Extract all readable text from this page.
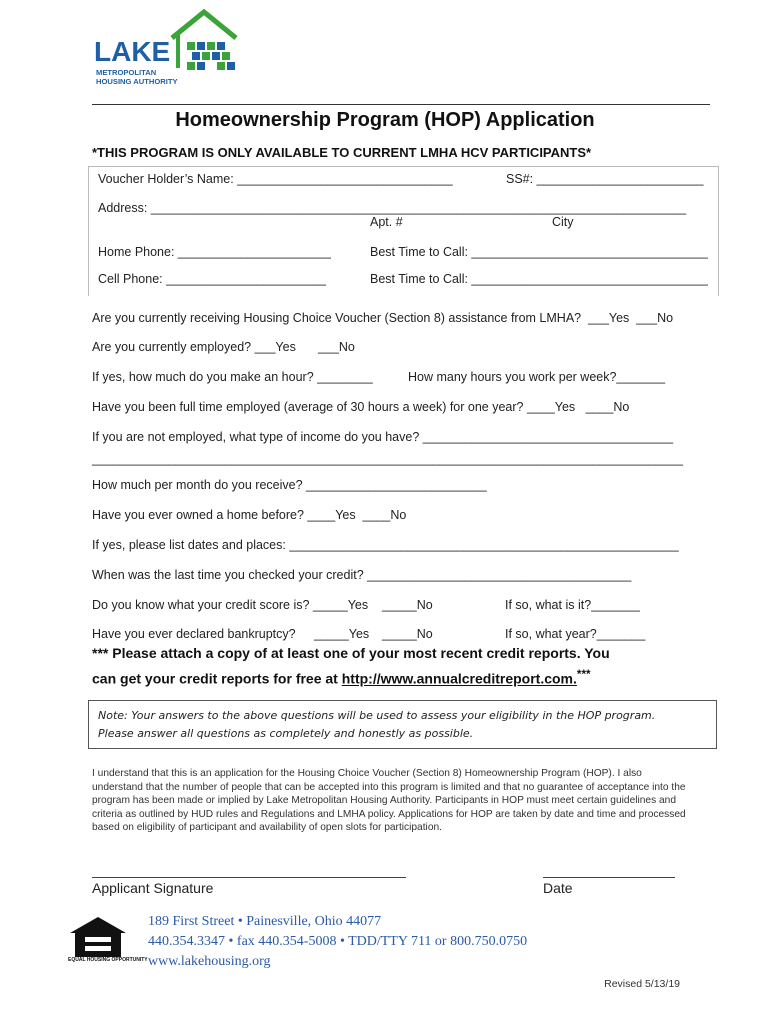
LAKE
METROPOLITAN
HOUSING AUTHORITY
Homeownership Program (HOP) Application
*THIS PROGRAM IS ONLY AVAILABLE TO CURRENT LMHA HCV PARTICIPANTS*
Voucher Holder’s Name: _______________________________	SS#: ________________________
Address: _____________________________________________________________________________
Apt. #	City
Home Phone: ______________________	Best Time to Call: __________________________________
Cell Phone: _______________________	Best Time to Call: __________________________________
Are you currently receiving Housing Choice Voucher (Section 8) assistance from LMHA?  ___Yes  ___No
Are you currently employed? ___Yes ___No
If yes, how much do you make an hour? ________	How many hours you work per week?_______
Have you been full time employed (average of 30 hours a week) for one year? ____Yes   ____No
If you are not employed, what type of income do you have? ____________________________________
_____________________________________________________________________________________
How much per month do you receive? __________________________
Have you ever owned a home before? ____Yes  ____No
If yes, please list dates and places: ________________________________________________________
When was the last time you checked your credit? ______________________________________
Do you know what your credit score is? _____Yes _____No	If so, what is it?_______
Have you ever declared bankruptcy? _____Yes _____No	If so, what year?_______
*** Please attach a copy of at least one of your most recent credit reports. You
can get your credit reports for free at http://www.annualcreditreport.com.***

Note: Your answers to the above questions will be used to assess your eligibility in the HOP program.

Please answer all questions as completely and honestly as possible.

I understand that this is an application for the Housing Choice Voucher (Section 8) Homeownership Program (HOP). I also understand that the number of people that can be accepted into this program is limited and that no guarantee of acceptance into the program has been made or implied by Lake Metropolitan Housing Authority. Participants in HOP must meet certain guidelines and criteria as outlined by HUD rules and Regulations and LMHA policy. Applications for HOP are taken by date and time and processed based on eligibility of participant and availability of open slots for participation.
Applicant Signature	Date
EQUAL HOUSING OPPORTUNITY
189 First Street • Painesville, Ohio 44077
440.354.3347 • fax 440.354-5008 • TDD/TTY 711 or 800.750.0750
www.lakehousing.org
Revised 5/13/19
